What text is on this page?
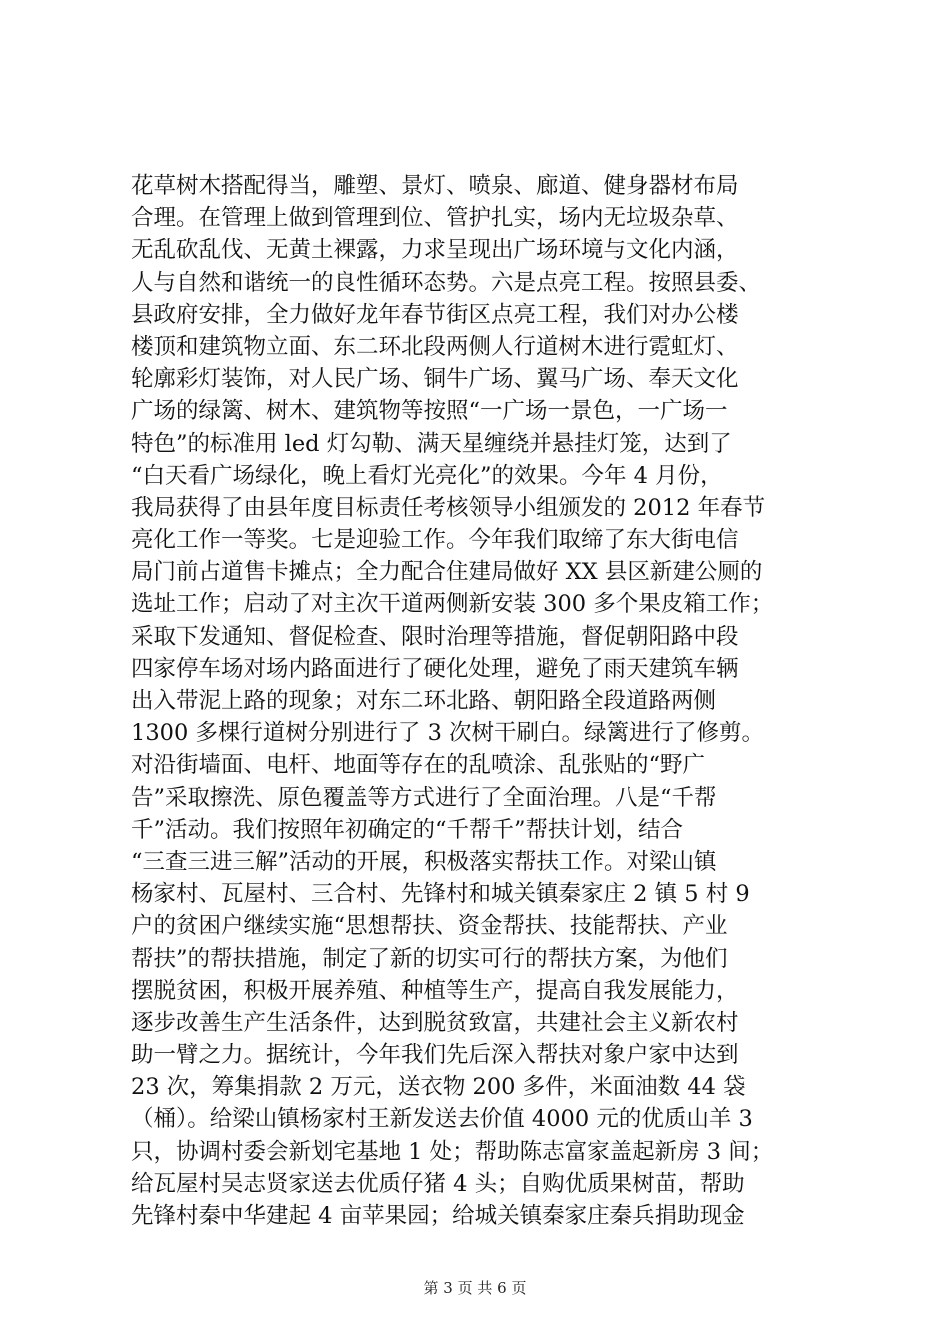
花草树木搭配得当，雕塑、景灯、喷泉、廊道、健身器材布局
合理。在管理上做到管理到位、管护扎实，场内无垃圾杂草、
无乱砍乱伐、无黄土裸露，力求呈现出广场环境与文化内涵，
人与自然和谐统一的良性循环态势。六是点亮工程。按照县委、
县政府安排，全力做好龙年春节街区点亮工程，我们对办公楼
楼顶和建筑物立面、东二环北段两侧人行道树木进行霓虹灯、
轮廓彩灯装饰，对人民广场、铜牛广场、翼马广场、奉天文化
广场的绿篱、树木、建筑物等按照“一广场一景色，一广场一
特色”的标准用 led 灯勾勒、满天星缠绕并悬挂灯笼，达到了
“白天看广场绿化，晚上看灯光亮化”的效果。今年 4 月份，
我局获得了由县年度目标责任考核领导小组颁发的 2012 年春节
亮化工作一等奖。七是迎验工作。今年我们取缔了东大街电信
局门前占道售卡摊点；全力配合住建局做好 XX 县区新建公厕的
选址工作；启动了对主次干道两侧新安装 300 多个果皮箱工作；
采取下发通知、督促检查、限时治理等措施，督促朝阳路中段
四家停车场对场内路面进行了硬化处理，避免了雨天建筑车辆
出入带泥上路的现象；对东二环北路、朝阳路全段道路两侧
1300 多棵行道树分别进行了 3 次树干刷白。绿篱进行了修剪。
对沿街墙面、电杆、地面等存在的乱喷涂、乱张贴的“野广
告”采取擦洗、原色覆盖等方式进行了全面治理。八是“千帮
千”活动。我们按照年初确定的“千帮千”帮扶计划，结合
“三查三进三解”活动的开展，积极落实帮扶工作。对梁山镇
杨家村、瓦屋村、三合村、先锋村和城关镇秦家庄 2 镇 5 村 9
户的贫困户继续实施“思想帮扶、资金帮扶、技能帮扶、产业
帮扶”的帮扶措施，制定了新的切实可行的帮扶方案，为他们
摆脱贫困，积极开展养殖、种植等生产，提高自我发展能力，
逐步改善生产生活条件，达到脱贫致富，共建社会主义新农村
助一臂之力。据统计，今年我们先后深入帮扶对象户家中达到
23 次，筹集捐款 2 万元，送衣物 200 多件，米面油数 44 袋
（桶）。给梁山镇杨家村王新发送去价值 4000 元的优质山羊 3
只，协调村委会新划宅基地 1 处；帮助陈志富家盖起新房 3 间；
给瓦屋村吴志贤家送去优质仔猪 4 头；自购优质果树苗，帮助
先锋村秦中华建起 4 亩苹果园；给城关镇秦家庄秦兵捐助现金
第 3 页 共 6 页
